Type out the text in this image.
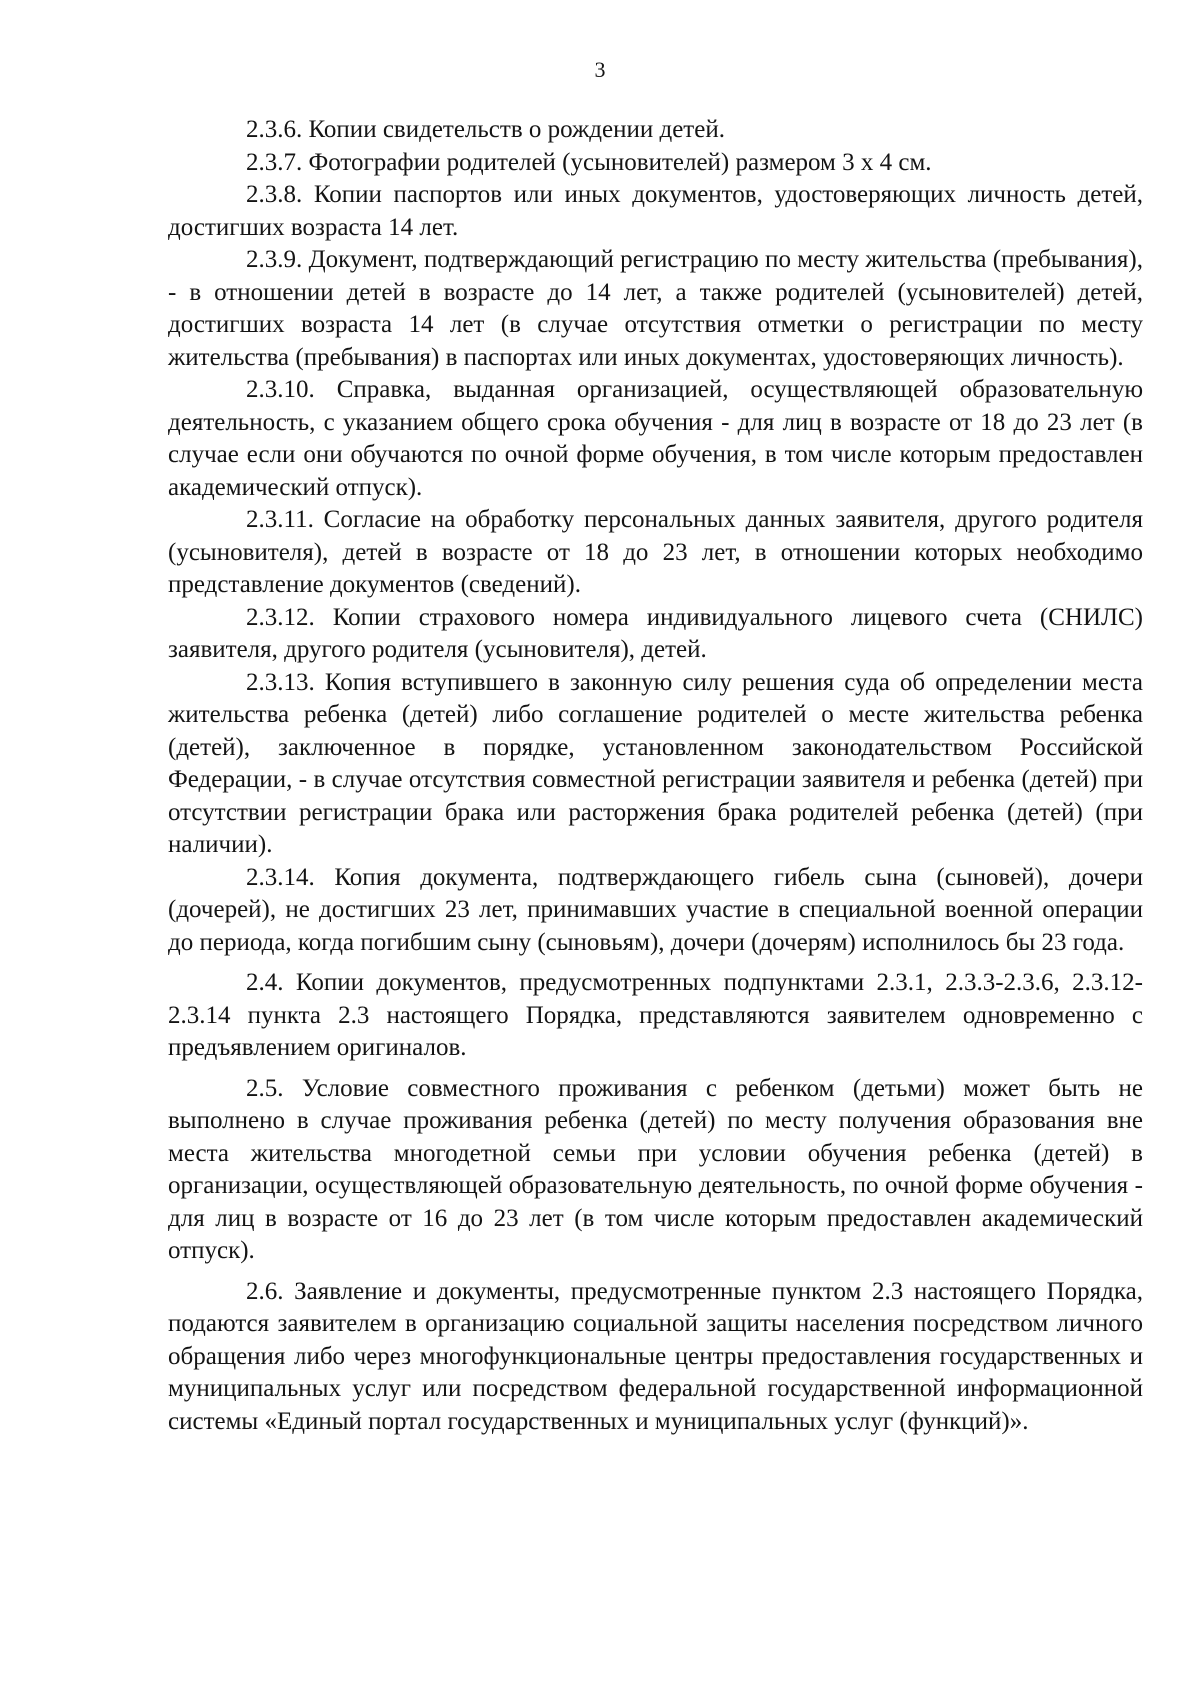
3

2.3.6. Копии свидетельств о рождении детей.

2.3.7. Фотографии родителей (усыновителей) размером 3 х 4 см.

2.3.8. Копии паспортов или иных документов, удостоверяющих личность детей, достигших возраста 14 лет.

2.3.9. Документ, подтверждающий регистрацию по месту жительства (пребывания), - в отношении детей в возрасте до 14 лет, а также родителей (усыновителей) детей, достигших возраста 14 лет (в случае отсутствия отметки о регистрации по месту жительства (пребывания) в паспортах или иных документах, удостоверяющих личность).

2.3.10. Справка, выданная организацией, осуществляющей образовательную деятельность, с указанием общего срока обучения - для лиц в возрасте от 18 до 23 лет (в случае если они обучаются по очной форме обучения, в том числе которым предоставлен академический отпуск).

2.3.11. Согласие на обработку персональных данных заявителя, другого родителя (усыновителя), детей в возрасте от 18 до 23 лет, в отношении которых необходимо представление документов (сведений).

2.3.12. Копии страхового номера индивидуального лицевого счета (СНИЛС) заявителя, другого родителя (усыновителя), детей.

2.3.13. Копия вступившего в законную силу решения суда об определении места жительства ребенка (детей) либо соглашение родителей о месте жительства ребенка (детей), заключенное в порядке, установленном законодательством Российской Федерации, - в случае отсутствия совместной регистрации заявителя и ребенка (детей) при отсутствии регистрации брака или расторжения брака родителей ребенка (детей) (при наличии).

2.3.14. Копия документа, подтверждающего гибель сына (сыновей), дочери (дочерей), не достигших 23 лет, принимавших участие в специальной военной операции до периода, когда погибшим сыну (сыновьям), дочери (дочерям) исполнилось бы 23 года.

2.4. Копии документов, предусмотренных подпунктами 2.3.1, 2.3.3-2.3.6, 2.3.12-2.3.14 пункта 2.3 настоящего Порядка, представляются заявителем одновременно с предъявлением оригиналов.

2.5. Условие совместного проживания с ребенком (детьми) может быть не выполнено в случае проживания ребенка (детей) по месту получения образования вне места жительства многодетной семьи при условии обучения ребенка (детей) в организации, осуществляющей образовательную деятельность, по очной форме обучения - для лиц в возрасте от 16 до 23 лет (в том числе которым предоставлен академический отпуск).

2.6. Заявление и документы, предусмотренные пунктом 2.3 настоящего Порядка, подаются заявителем в организацию социальной защиты населения посредством личного обращения либо через многофункциональные центры предоставления государственных и муниципальных услуг или посредством федеральной государственной информационной системы «Единый портал государственных и муниципальных услуг (функций)».
